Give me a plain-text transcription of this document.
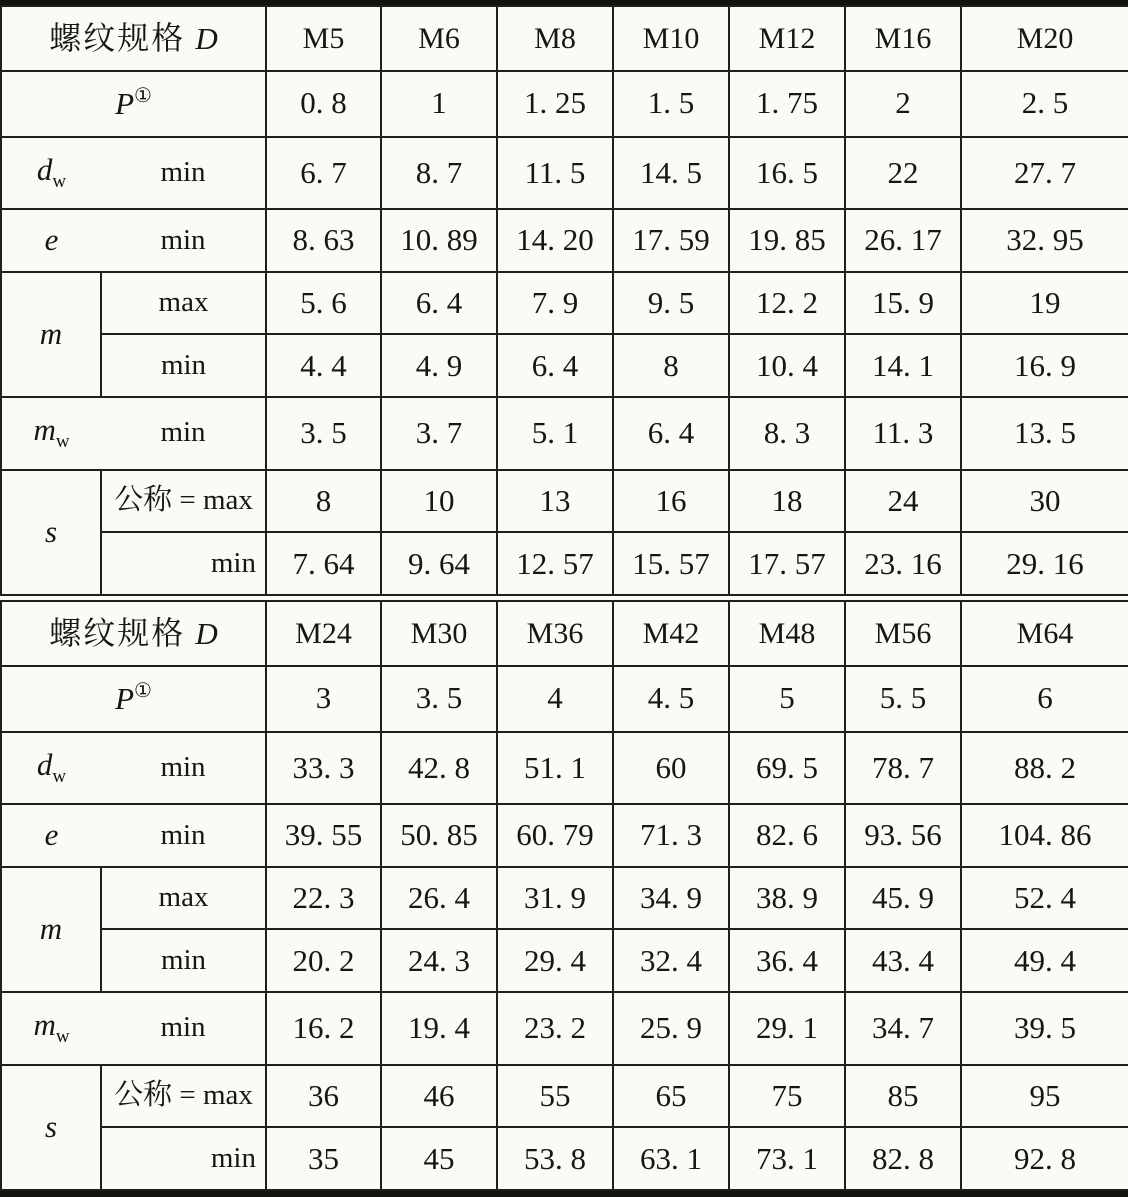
螺纹规格 D		M5	M6	M8	M10	M12	M16	M20
P①		0. 8	1	1. 25	1. 5	1. 75	2	2. 5

$d_w$ min		6. 7	8. 7	11. 5	14. 5	16. 5	22	27. 7

e min		8. 63	10. 89	14. 20	17. 59	19. 85	26. 17	32. 95
m	max	5. 6	6. 4	7. 9	9. 5	12. 2	15. 9	19
	min	4. 4	4. 9	6. 4	8	10. 4	14. 1	16. 9

$m_w$ min		3. 5	3. 7	5. 1	6. 4	8. 3	11. 3	13. 5
s	公称 = max	8	10	13	16	18	24	30
	min	7. 64	9. 64	12. 57	15. 57	17. 57	23. 16	29. 16
螺纹规格 D		M24	M30	M36	M42	M48	M56	M64
P①		3	3. 5	4	4. 5	5	5. 5	6

$d_w$ min		33. 3	42. 8	51. 1	60	69. 5	78. 7	88. 2

e min		39. 55	50. 85	60. 79	71. 3	82. 6	93. 56	104. 86
m	max	22. 3	26. 4	31. 9	34. 9	38. 9	45. 9	52. 4
	min	20. 2	24. 3	29. 4	32. 4	36. 4	43. 4	49. 4

$m_w$ min		16. 2	19. 4	23. 2	25. 9	29. 1	34. 7	39. 5
s	公称 = max	36	46	55	65	75	85	95
	min	35	45	53. 8	63. 1	73. 1	82. 8	92. 8
